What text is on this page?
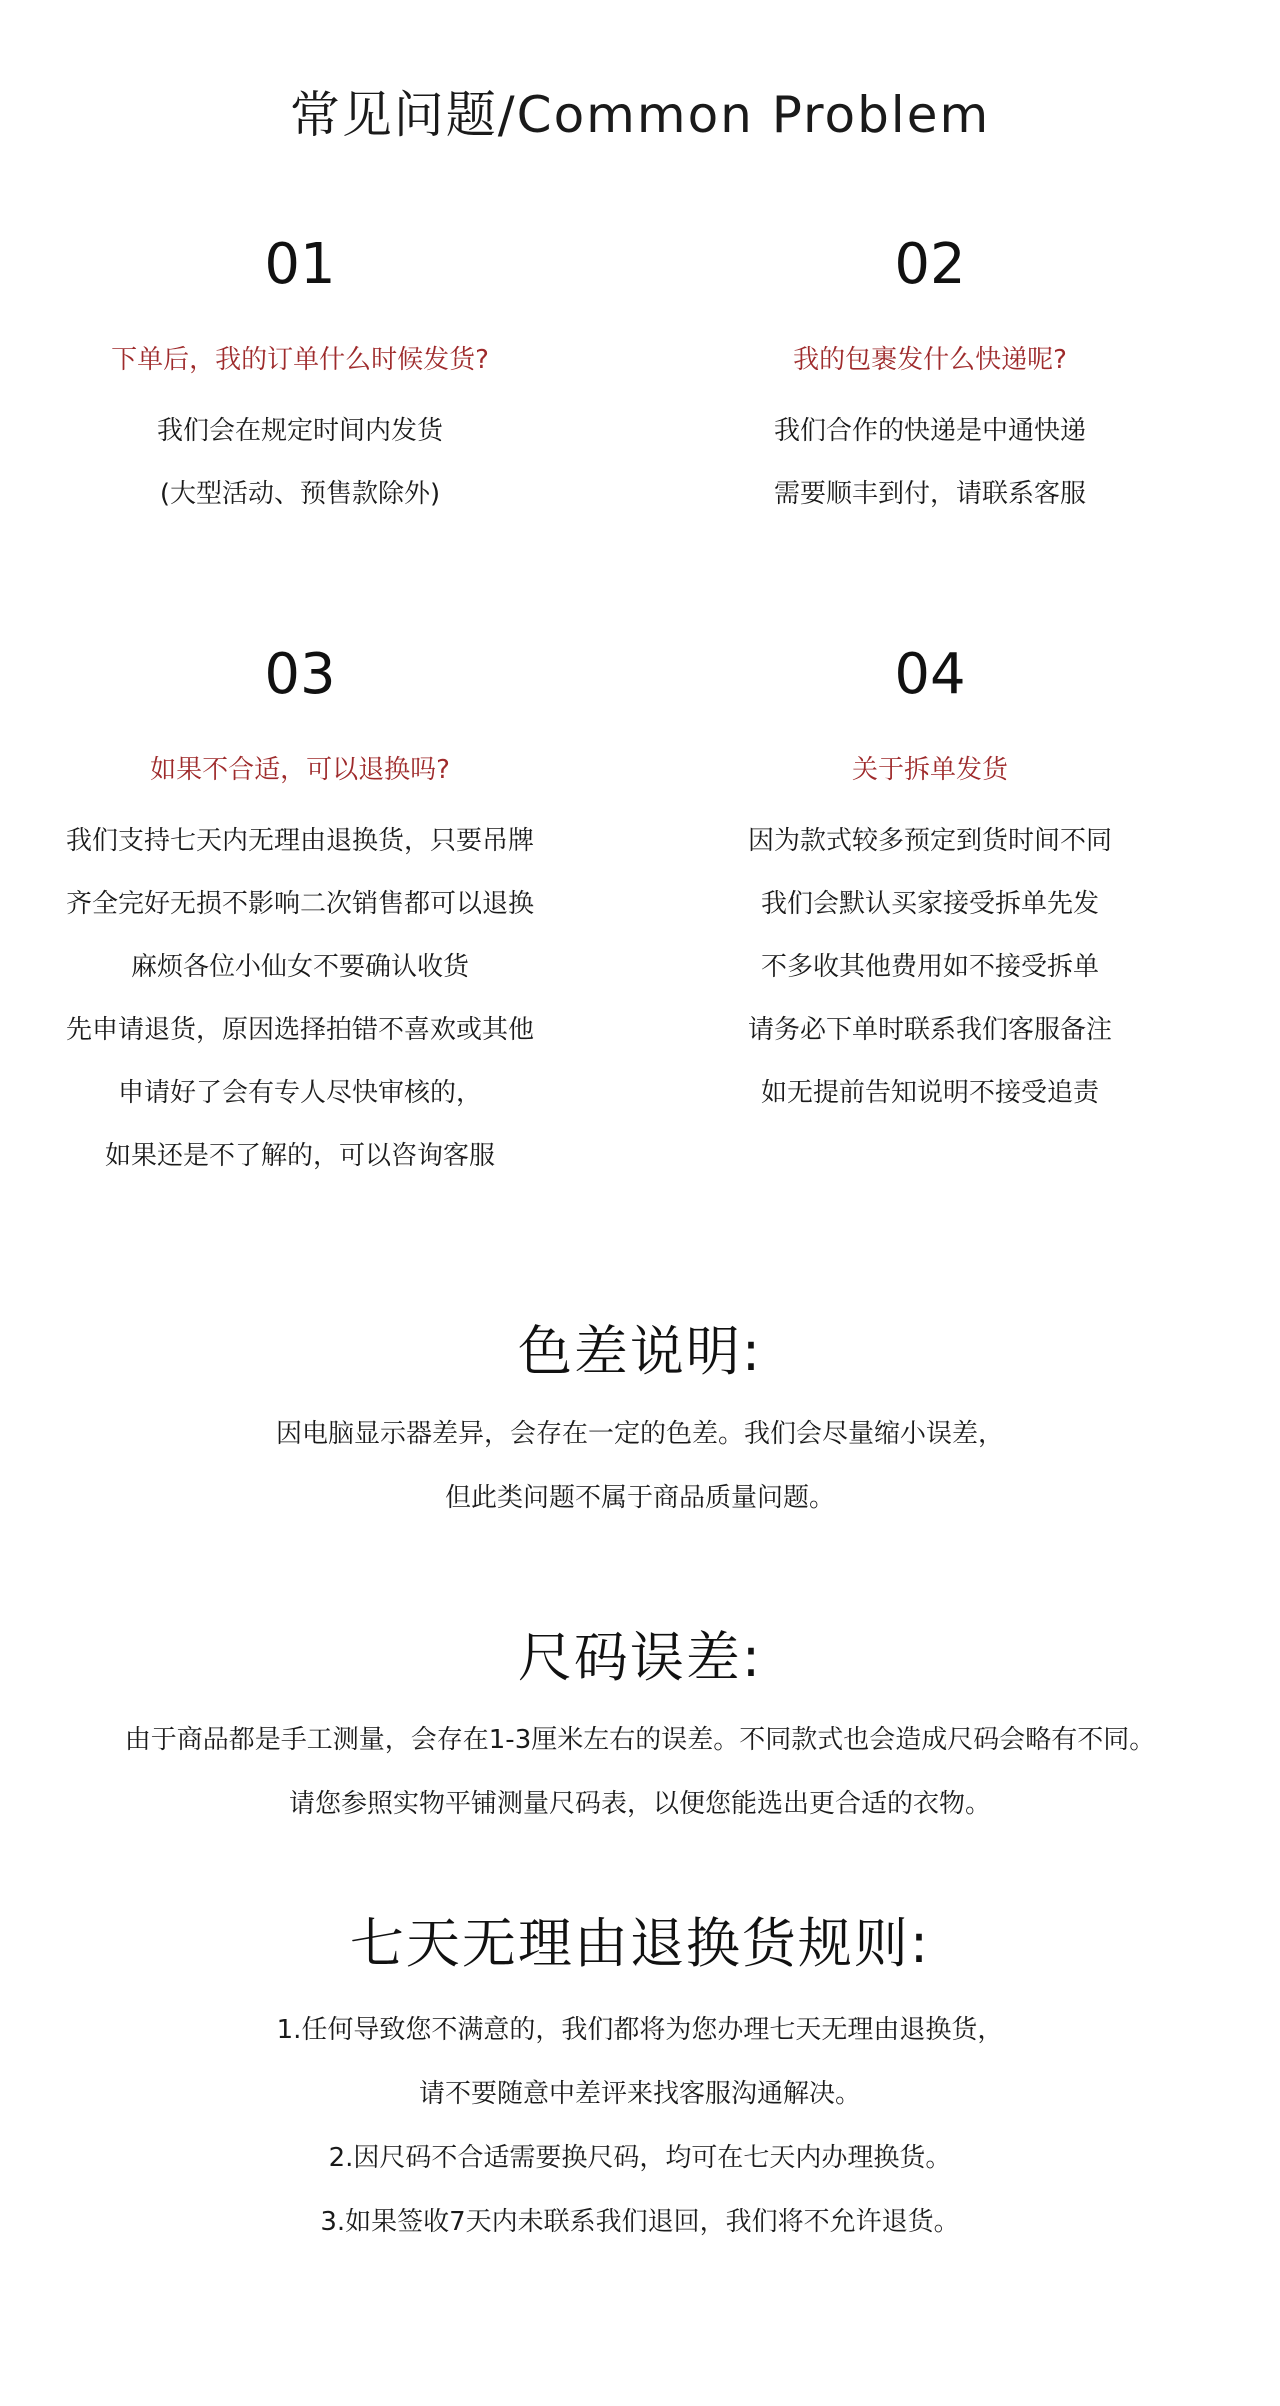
常见问题/Common Problem
01
下单后，我的订单什么时候发货?
我们会在规定时间内发货
(大型活动、预售款除外)
02
我的包裹发什么快递呢?
我们合作的快递是中通快递
需要顺丰到付，请联系客服
03
如果不合适，可以退换吗?
我们支持七天内无理由退换货，只要吊牌
齐全完好无损不影响二次销售都可以退换
麻烦各位小仙女不要确认收货
先申请退货，原因选择拍错不喜欢或其他
申请好了会有专人尽快审核的，
如果还是不了解的，可以咨询客服
04
关于拆单发货
因为款式较多预定到货时间不同
我们会默认买家接受拆单先发
不多收其他费用如不接受拆单
请务必下单时联系我们客服备注
如无提前告知说明不接受追责
色差说明:
因电脑显示器差异，会存在一定的色差。我们会尽量缩小误差，
但此类问题不属于商品质量问题。
尺码误差:
由于商品都是手工测量，会存在1-3厘米左右的误差。不同款式也会造成尺码会略有不同。
请您参照实物平铺测量尺码表，以便您能选出更合适的衣物。
七天无理由退换货规则:
1.任何导致您不满意的，我们都将为您办理七天无理由退换货，
请不要随意中差评来找客服沟通解决。
2.因尺码不合适需要换尺码，均可在七天内办理换货。
3.如果签收7天内未联系我们退回，我们将不允许退货。
